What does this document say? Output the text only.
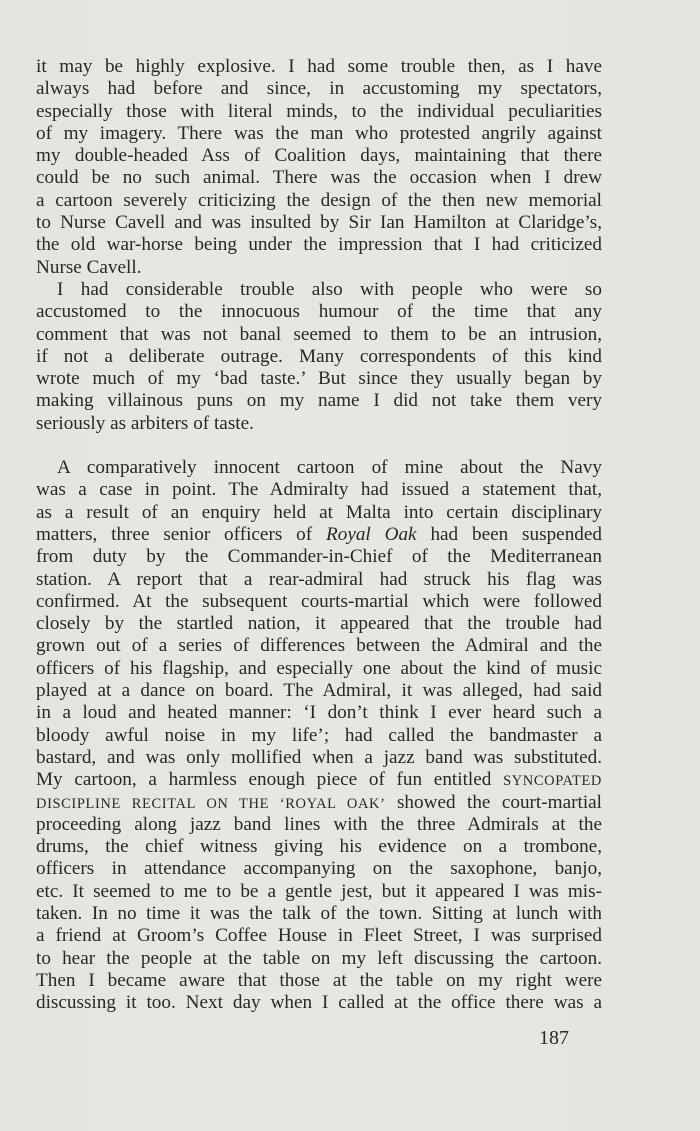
it may be highly explosive. I had some trouble then, as I have
always had before and since, in accustoming my spectators,
especially those with literal minds, to the individual peculiarities
of my imagery. There was the man who protested angrily against
my double-headed Ass of Coalition days, maintaining that there
could be no such animal. There was the occasion when I drew
a cartoon severely criticizing the design of the then new memorial
to Nurse Cavell and was insulted by Sir Ian Hamilton at Claridge’s,
the old war-horse being under the impression that I had criticized
Nurse Cavell.
I had considerable trouble also with people who were so
accustomed to the innocuous humour of the time that any
comment that was not banal seemed to them to be an intrusion,
if not a deliberate outrage. Many correspondents of this kind
wrote much of my ‘bad taste.’ But since they usually began by
making villainous puns on my name I did not take them very
seriously as arbiters of taste.
A comparatively innocent cartoon of mine about the Navy
was a case in point. The Admiralty had issued a statement that,
as a result of an enquiry held at Malta into certain disciplinary
matters, three senior officers of Royal Oak had been suspended
from duty by the Commander-in-Chief of the Mediterranean
station. A report that a rear-admiral had struck his flag was
confirmed. At the subsequent courts-martial which were followed
closely by the startled nation, it appeared that the trouble had
grown out of a series of differences between the Admiral and the
officers of his flagship, and especially one about the kind of music
played at a dance on board. The Admiral, it was alleged, had said
in a loud and heated manner: ‘I don’t think I ever heard such a
bloody awful noise in my life’; had called the bandmaster a
bastard, and was only mollified when a jazz band was substituted.
My cartoon, a harmless enough piece of fun entitled SYNCOPATED
DISCIPLINE RECITAL ON THE ‘ROYAL OAK’ showed the court-martial
proceeding along jazz band lines with the three Admirals at the
drums, the chief witness giving his evidence on a trombone,
officers in attendance accompanying on the saxophone, banjo,
etc. It seemed to me to be a gentle jest, but it appeared I was mis-
taken. In no time it was the talk of the town. Sitting at lunch with
a friend at Groom’s Coffee House in Fleet Street, I was surprised
to hear the people at the table on my left discussing the cartoon.
Then I became aware that those at the table on my right were
discussing it too. Next day when I called at the office there was a
187
